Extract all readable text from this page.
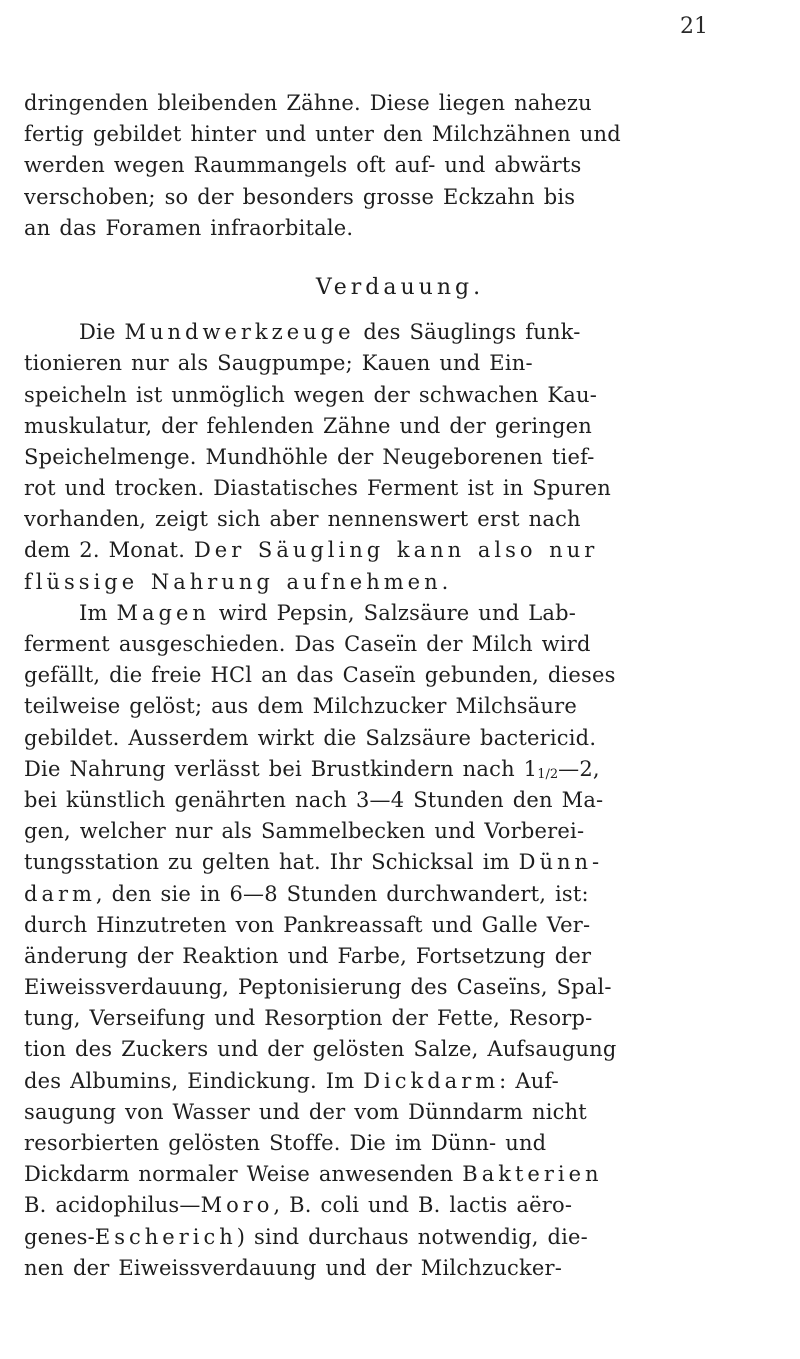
21
dringenden bleibenden Zähne. Diese liegen nahezu
fertig gebildet hinter und unter den Milchzähnen und
werden wegen Raummangels oft auf- und abwärts
verschoben; so der besonders grosse Eckzahn bis
an das Foramen infraorbitale.
Verdauung.
Die Mundwerkzeuge des Säuglings funk-
tionieren nur als Saugpumpe; Kauen und Ein-
speicheln ist unmöglich wegen der schwachen Kau-
muskulatur, der fehlenden Zähne und der geringen
Speichelmenge. Mundhöhle der Neugeborenen tief-
rot und trocken. Diastatisches Ferment ist in Spuren
vorhanden, zeigt sich aber nennenswert erst nach
dem 2. Monat. Der Säugling kann also nur
flüssige Nahrung aufnehmen.
Im Magen wird Pepsin, Salzsäure und Lab-
ferment ausgeschieden. Das Caseïn der Milch wird
gefällt, die freie HCl an das Caseïn gebunden, dieses
teilweise gelöst; aus dem Milchzucker Milchsäure
gebildet. Ausserdem wirkt die Salzsäure bactericid.
Die Nahrung verlässt bei Brustkindern nach $1_{1/2}—2$,
bei künstlich genährten nach 3—4 Stunden den Ma-
gen, welcher nur als Sammelbecken und Vorberei-
tungsstation zu gelten hat. Ihr Schicksal im Dünn-
darm, den sie in 6—8 Stunden durchwandert, ist:
durch Hinzutreten von Pankreassaft und Galle Ver-
änderung der Reaktion und Farbe, Fortsetzung der
Eiweissverdauung, Peptonisierung des Caseïns, Spal-
tung, Verseifung und Resorption der Fette, Resorp-
tion des Zuckers und der gelösten Salze, Aufsaugung
des Albumins, Eindickung. Im Dickdarm: Auf-
saugung von Wasser und der vom Dünndarm nicht
resorbierten gelösten Stoffe. Die im Dünn- und
Dickdarm normaler Weise anwesenden Bakterien
B. acidophilus—Moro, B. coli und B. lactis aëro-
genes-Escherich) sind durchaus notwendig, die-
nen der Eiweissverdauung und der Milchzucker-
